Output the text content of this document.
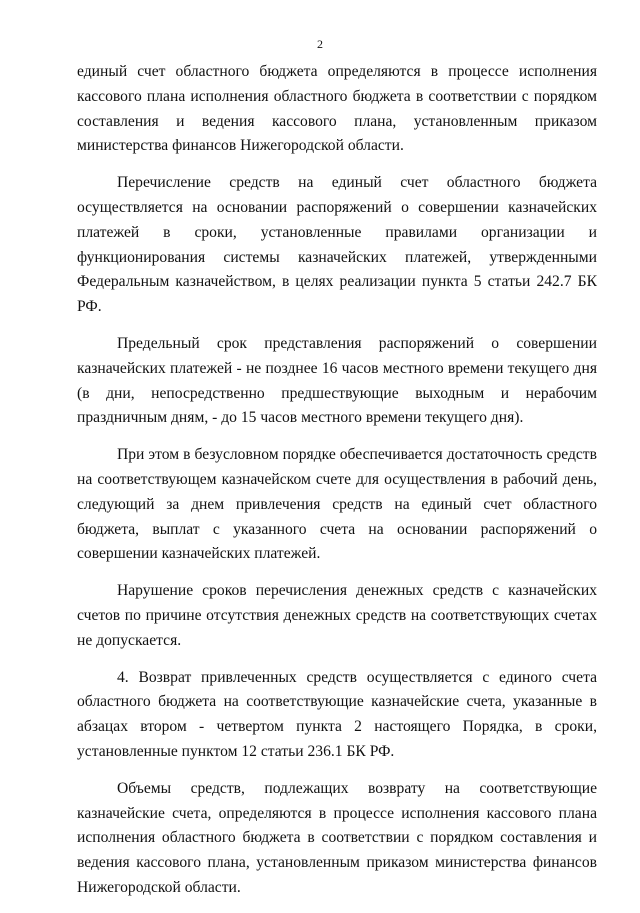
2

единый счет областного бюджета определяются в процессе исполнения кассового плана исполнения областного бюджета в соответствии с порядком составления и ведения кассового плана, установленным приказом министерства финансов Нижегородской области.

Перечисление средств на единый счет областного бюджета осуществляется на основании распоряжений о совершении казначейских платежей в сроки, установленные правилами организации и функционирования системы казначейских платежей, утвержденными Федеральным казначейством, в целях реализации пункта 5 статьи 242.7 БК РФ.

Предельный срок представления распоряжений о совершении казначейских платежей - не позднее 16 часов местного времени текущего дня (в дни, непосредственно предшествующие выходным и нерабочим праздничным дням, - до 15 часов местного времени текущего дня).

При этом в безусловном порядке обеспечивается достаточность средств на соответствующем казначейском счете для осуществления в рабочий день, следующий за днем привлечения средств на единый счет областного бюджета, выплат с указанного счета на основании распоряжений о совершении казначейских платежей.

Нарушение сроков перечисления денежных средств с казначейских счетов по причине отсутствия денежных средств на соответствующих счетах не допускается.

4. Возврат привлеченных средств осуществляется с единого счета областного бюджета на соответствующие казначейские счета, указанные в абзацах втором - четвертом пункта 2 настоящего Порядка, в сроки, установленные пунктом 12 статьи 236.1 БК РФ.

Объемы средств, подлежащих возврату на соответствующие казначейские счета, определяются в процессе исполнения кассового плана исполнения областного бюджета в соответствии с порядком составления и ведения кассового плана, установленным приказом министерства финансов Нижегородской области.
